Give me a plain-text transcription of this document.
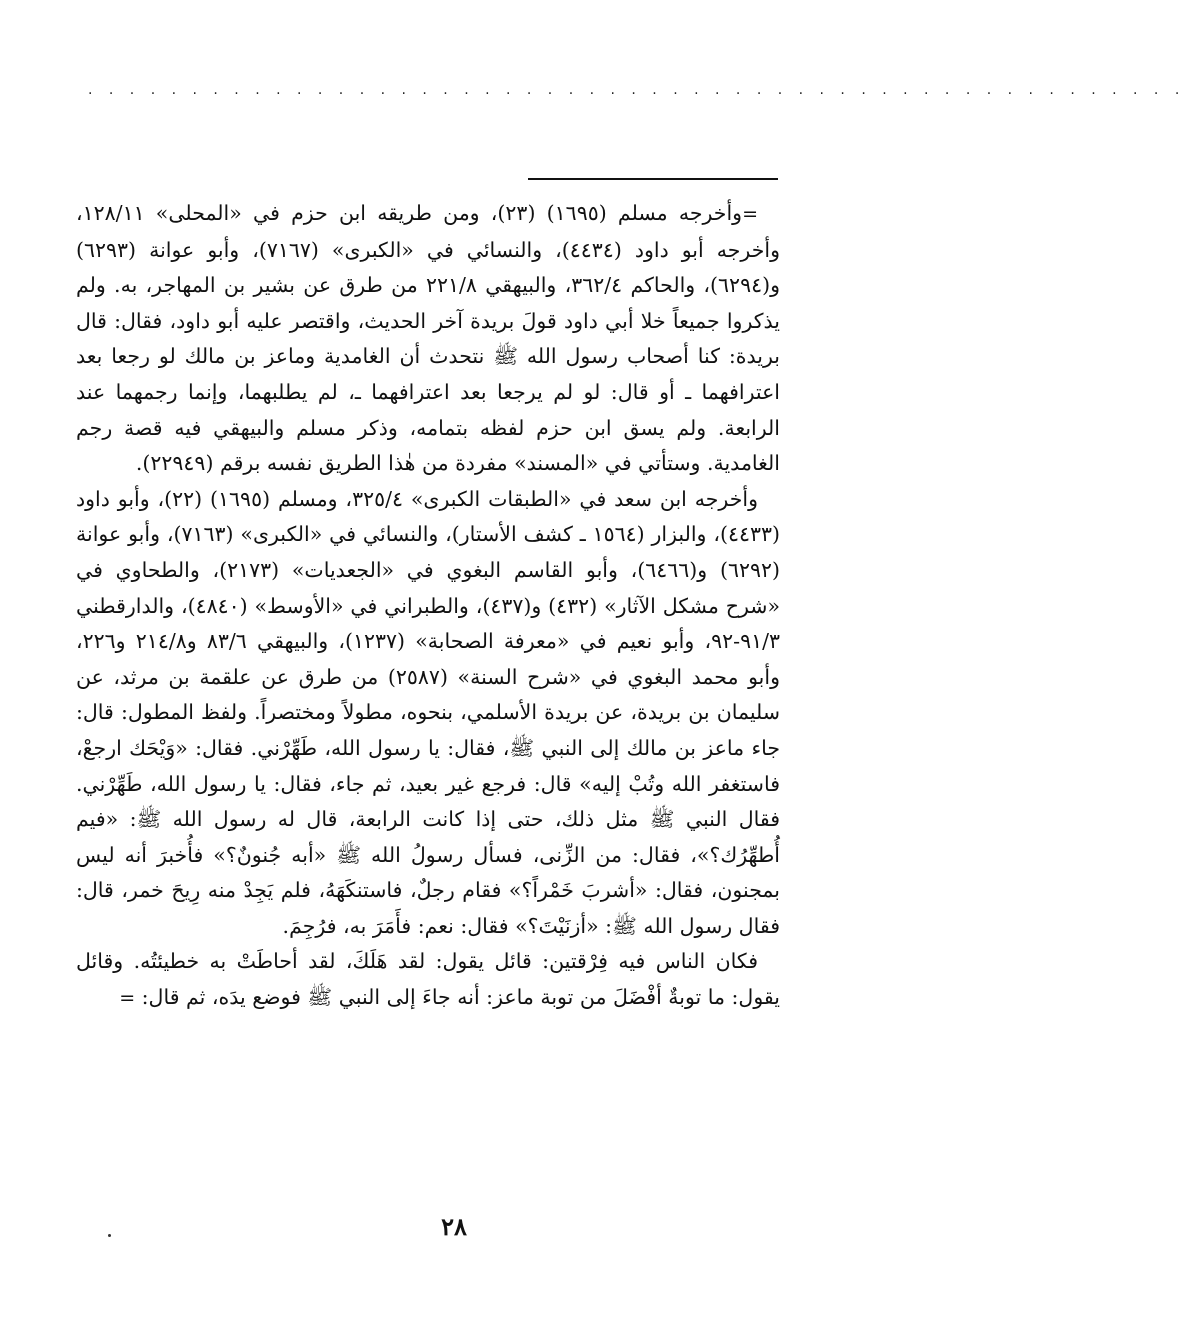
. . . . . . . . . . . . . . . . . . . . . . . . . . . . . . . . . . . . . . . . . . . . . . . . . . . . .

=وأخرجه مسلم (١٦٩٥) (٢٣)، ومن طريقه ابن حزم في «المحلى» ١٢٨/١١، وأخرجه أبو داود (٤٤٣٤)، والنسائي في «الكبرى» (٧١٦٧)، وأبو عوانة (٦٢٩٣) و(٦٢٩٤)، والحاكم ٣٦٢/٤، والبيهقي ٢٢١/٨ من طرق عن بشير بن المهاجر، به. ولم يذكروا جميعاً خلا أبي داود قولَ بريدة آخر الحديث، واقتصر عليه أبو داود، فقال: قال بريدة: كنا أصحاب رسول الله ﷺ نتحدث أن الغامدية وماعز بن مالك لو رجعا بعد اعترافهما ـ أو قال: لو لم يرجعا بعد اعترافهما ـ، لم يطلبهما، وإنما رجمهما عند الرابعة. ولم يسق ابن حزم لفظه بتمامه، وذكر مسلم والبيهقي فيه قصة رجم الغامدية. وستأتي في «المسند» مفردة من هٰذا الطريق نفسه برقم (٢٢٩٤٩).

وأخرجه ابن سعد في «الطبقات الكبرى» ٣٢٥/٤، ومسلم (١٦٩٥) (٢٢)، وأبو داود (٤٤٣٣)، والبزار (١٥٦٤ ـ كشف الأستار)، والنسائي في «الكبرى» (٧١٦٣)، وأبو عوانة (٦٢٩٢) و(٦٤٦٦)، وأبو القاسم البغوي في «الجعديات» (٢١٧٣)، والطحاوي في «شرح مشكل الآثار» (٤٣٢) و(٤٣٧)، والطبراني في «الأوسط» (٤٨٤٠)، والدارقطني ٩١/٣-٩٢، وأبو نعيم في «معرفة الصحابة» (١٢٣٧)، والبيهقي ٨٣/٦ و٢١٤/٨ و٢٢٦، وأبو محمد البغوي في «شرح السنة» (٢٥٨٧) من طرق عن علقمة بن مرثد، عن سليمان بن بريدة، عن بريدة الأسلمي، بنحوه، مطولاً ومختصراً. ولفظ المطول: قال: جاء ماعز بن مالك إلى النبي ﷺ، فقال: يا رسول الله، طَهِّرْني. فقال: «وَيْحَك ارجعْ، فاستغفر الله وتُبْ إليه» قال: فرجع غير بعيد، ثم جاء، فقال: يا رسول الله، طَهِّرْني. فقال النبي ﷺ مثل ذلك، حتى إذا كانت الرابعة، قال له رسول الله ﷺ: «فيم أُطهِّرُك؟»، فقال: من الزِّنى، فسأل رسولُ الله ﷺ «أبه جُنونٌ؟» فأُخبرَ أنه ليس بمجنون، فقال: «أشربَ خَمْراً؟» فقام رجلٌ، فاستنكَهَهُ، فلم يَجِدْ منه رِيحَ خمر، قال: فقال رسول الله ﷺ: «أزنَيْتَ؟» فقال: نعم: فأَمَرَ به، فرُجِمَ.

فكان الناس فيه فِرْقتين: قائل يقول: لقد هَلَكَ، لقد أحاطَتْ به خطيئتُه. وقائل يقول: ما توبةٌ أفْضَلَ من توبة ماعز: أنه جاءَ إلى النبي ﷺ فوضع يدَه، ثم قال: =

٢٨
